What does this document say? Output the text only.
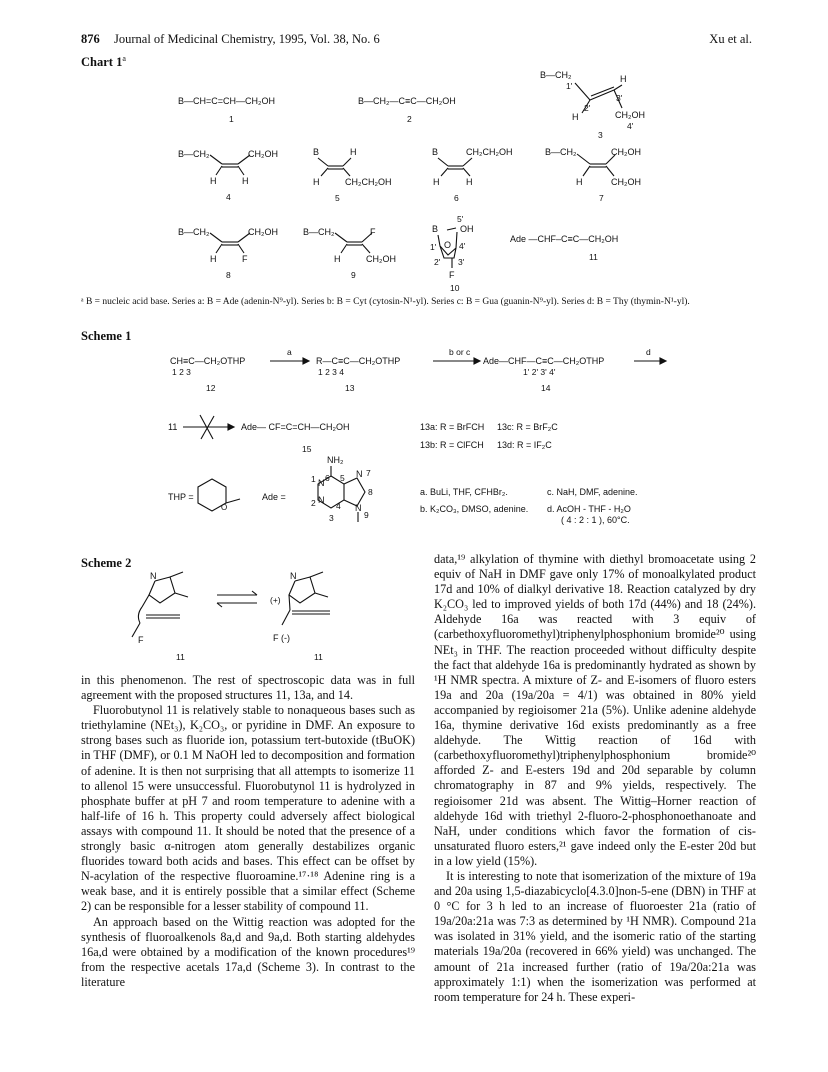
876 Journal of Medicinal Chemistry, 1995, Vol. 38, No. 6	Xu et al.
Chart 1$^a$
B—CH=C=CH—CH₂OH
1
B—CH₂—C≡C—CH₂OH
2
B—CH₂
1'
H
2'
3'
H	CH₂OH
4'
3
B—CH₂	CH₂OH
H	H
4
B	H
H	CH₂CH₂OH
5
B	CH₂CH₂OH
H	H
6
B—CH₂	CH₂OH
H	CH₂OH
7
B—CH₂	CH₂OH
H	F
8
B—CH₂	F
H	CH₂OH
9
B
5'
OH
O
1'	4'
2' 3'
F
10
Ade —CHF–C≡C—CH₂OH
11
ᵃ B = nucleic acid base. Series a: B = Ade (adenin-N⁹-yl). Series b: B = Cyt (cytosin-N¹-yl). Series c: B = Gua (guanin-N⁹-yl). Series d: B = Thy (thymin-N¹-yl).
Scheme 1
CH≡C—CH₂OTHP
1 2 3
12
a
R—C≡C—CH₂OTHP
1 2 3 4
13
b or c
Ade—CHF—C≡C—CH₂OTHP
1' 2' 3' 4'
14
d
11	Ade— CF=C=CH—CH₂OH
15
13a: R = BrFCH 13c: R = BrF₂C
13b: R = ClFCH 13d: R = IF₂C
THP =
O
Ade =
NH₂
1 N 6 5 N 7
8
2 N
4
3
N
9
a. BuLi, THF, CFHBr₂.
b. K₂CO₃, DMSO, adenine.
c. NaH, DMF, adenine.
d. AcOH - THF - H₂O
( 4 : 2 : 1 ), 60°C.
Scheme 2
N
F
11
N
(+)
F (-)
11

in this phenomenon. The rest of spectroscopic data was in full agreement with the proposed structures 11, 13a, and 14.

Fluorobutynol 11 is relatively stable to nonaqueous bases such as triethylamine (NEt₃), K₂CO₃, or pyridine in DMF. An exposure to strong bases such as fluoride ion, potassium tert-butoxide (tBuOK) in THF (DMF), or 0.1 M NaOH led to decomposition and formation of adenine. It is then not surprising that all attempts to isomerize 11 to allenol 15 were unsuccessful. Fluorobutynol 11 is hydrolyzed in phosphate buffer at pH 7 and room temperature to adenine with a half-life of 16 h. This property could adversely affect biological assays with compound 11. It should be noted that the presence of a strongly basic α-nitrogen atom generally destabilizes organic fluorides toward both acids and bases. This effect can be offset by N-acylation of the respective fluoroamine.¹⁷·¹⁸ Adenine ring is a weak base, and it is entirely possible that a similar effect (Scheme 2) can be responsible for a lesser stability of compound 11.

An approach based on the Wittig reaction was adopted for the synthesis of fluoroalkenols 8a,d and 9a,d. Both starting aldehydes 16a,d were obtained by a modification of the known procedures¹⁹ from the respective acetals 17a,d (Scheme 3). In contrast to the literature

data,¹⁹ alkylation of thymine with diethyl bromoacetate using 2 equiv of NaH in DMF gave only 17% of monoalkylated product 17d and 10% of dialkyl derivative 18. Reaction catalyzed by dry K₂CO₃ led to improved yields of both 17d (44%) and 18 (24%). Aldehyde 16a was reacted with 3 equiv of (carbethoxyfluoromethyl)triphenylphosphonium bromide²⁰ using NEt₃ in THF. The reaction proceeded without difficulty despite the fact that aldehyde 16a is predominantly hydrated as shown by ¹H NMR spectra. A mixture of Z- and E-isomers of fluoro esters 19a and 20a (19a/20a = 4/1) was obtained in 80% yield accompanied by regioisomer 21a (5%). Unlike adenine aldehyde 16a, thymine derivative 16d exists predominantly as a free aldehyde. The Wittig reaction of 16d with (carbethoxyfluoromethyl)triphenylphosphonium bromide²⁰ afforded Z- and E-esters 19d and 20d separable by column chromatography in 87 and 9% yields, respectively. The regioisomer 21d was absent. The Wittig–Horner reaction of aldehyde 16d with triethyl 2-fluoro-2-phosphonoethanoate and NaH, under conditions which favor the formation of cis-unsaturated fluoro esters,²¹ gave indeed only the E-ester 20d but in a low yield (15%).

It is interesting to note that isomerization of the mixture of 19a and 20a using 1,5-diazabicyclo[4.3.0]non-5-ene (DBN) in THF at 0 °C for 3 h led to an increase of fluoroester 21a (ratio of 19a/20a:21a was 7:3 as determined by ¹H NMR). Compound 21a was isolated in 31% yield, and the isomeric ratio of the starting materials 19a/20a (recovered in 66% yield) was unchanged. The amount of 21a increased further (ratio of 19a/20a:21a was approximately 1:1) when the isomerization was performed at room temperature for 24 h. These experi-
